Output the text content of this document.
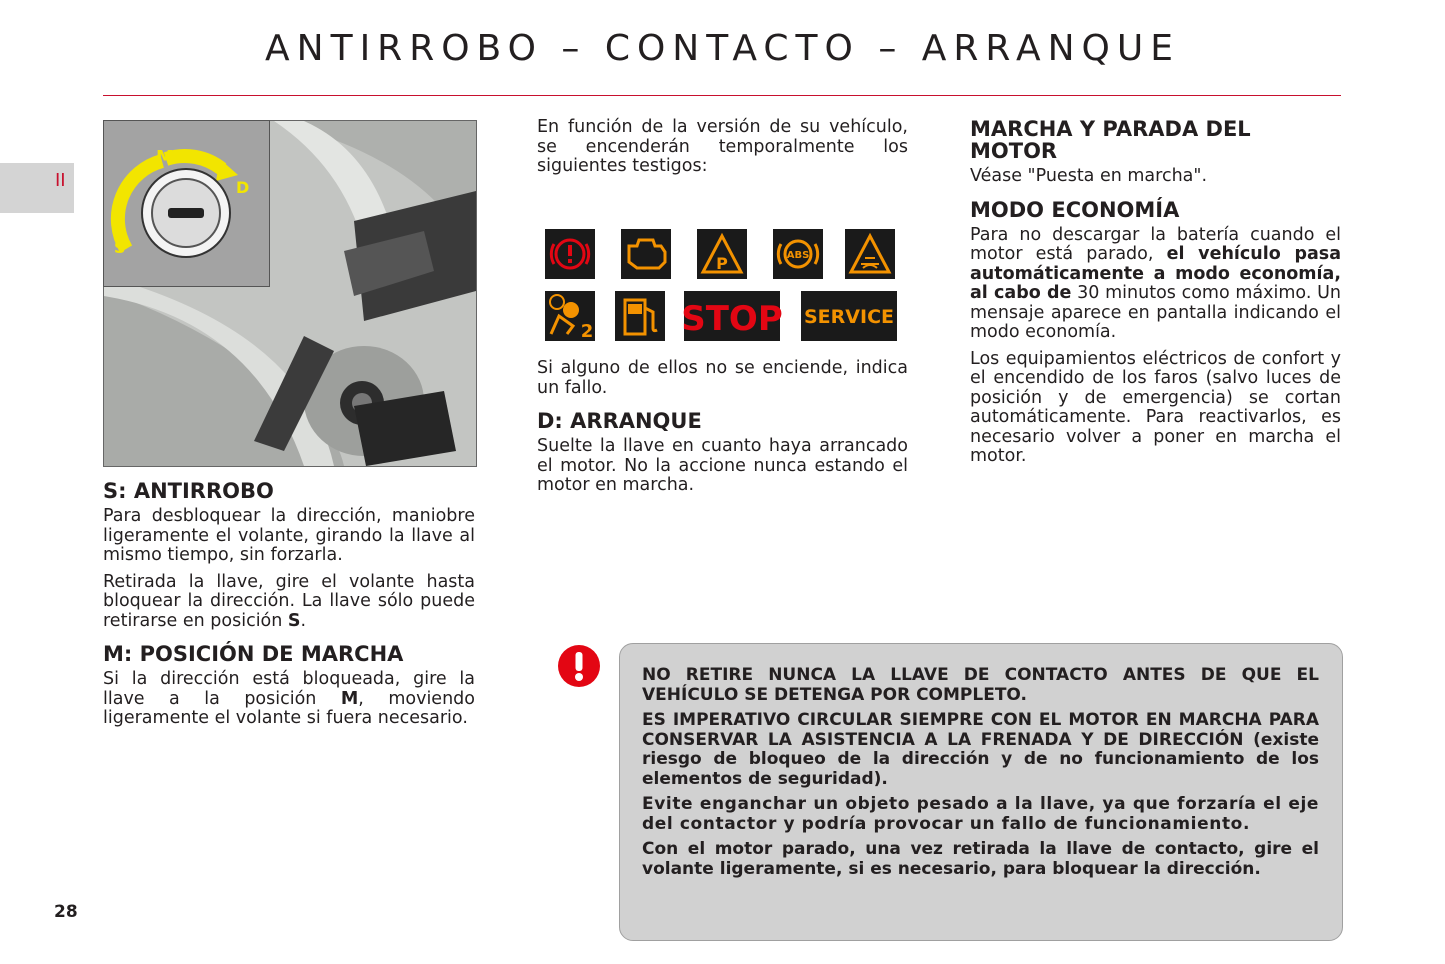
ANTIRROBO – CONTACTO – ARRANQUE
II
S
M
D
S: ANTIRROBO

Para desbloquear la dirección, maniobre ligeramente el volante, girando la llave al mismo tiempo, sin forzarla.

Retirada la llave, gire el volante hasta bloquear la dirección. La llave sólo puede retirarse en posición S.

M: POSICIÓN DE MARCHA

Si la dirección está bloqueada, gire la llave a la posición M, moviendo ligeramente el volante si fuera necesario.

En función de la versión de su vehículo, se encenderán temporalmente los siguientes testigos:

P	ABS
2	STOP SERVICE

Si alguno de ellos no se enciende, indica un fallo.

D: ARRANQUE

Suelte la llave en cuanto haya arrancado el motor. No la accione nunca estando el motor en marcha.

MARCHA Y PARADA DEL MOTOR

Véase "Puesta en marcha".

MODO ECONOMÍA

Para no descargar la batería cuando el motor está parado, el vehículo pasa automáticamente a modo economía, al cabo de 30 minutos como máximo. Un mensaje aparece en pantalla indicando el modo economía.

Los equipamientos eléctricos de confort y el encendido de los faros (salvo luces de posición y de emergencia) se cortan automáticamente. Para reactivarlos, es necesario volver a poner en marcha el motor.

NO RETIRE NUNCA LA LLAVE DE CONTACTO ANTES DE QUE EL VEHÍCULO SE DETENGA POR COMPLETO.

ES IMPERATIVO CIRCULAR SIEMPRE CON EL MOTOR EN MARCHA PARA CONSERVAR LA ASISTENCIA A LA FRENADA Y DE DIRECCIÓN (existe riesgo de bloqueo de la dirección y de no funcionamiento de los elementos de seguridad).

Evite enganchar un objeto pesado a la llave, ya que forzaría el eje del contactor y podría provocar un fallo de funcionamiento.

Con el motor parado, una vez retirada la llave de contacto, gire el volante ligeramente, si es necesario, para bloquear la dirección.

28
